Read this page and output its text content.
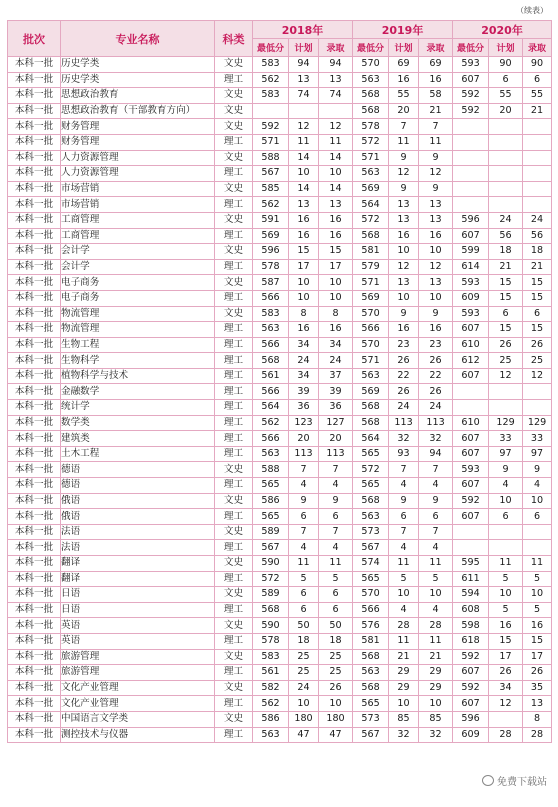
（续表）
批次	专业名称	科类	2018年			2019年			2020年		
			最低分	计划	录取	最低分	计划	录取	最低分	计划	录取
本科一批	历史学类	文史	583	94	94	570	69	69	593	90	90
本科一批	历史学类	理工	562	13	13	563	16	16	607	6	6
本科一批	思想政治教育	文史	583	74	74	568	55	58	592	55	55
本科一批	思想政治教育（干部教育方向）	文史				568	20	21	592	20	21
本科一批	财务管理	文史	592	12	12	578	7	7			
本科一批	财务管理	理工	571	11	11	572	11	11			
本科一批	人力资源管理	文史	588	14	14	571	9	9			
本科一批	人力资源管理	理工	567	10	10	563	12	12			
本科一批	市场营销	文史	585	14	14	569	9	9			
本科一批	市场营销	理工	562	13	13	564	13	13			
本科一批	工商管理	文史	591	16	16	572	13	13	596	24	24
本科一批	工商管理	理工	569	16	16	568	16	16	607	56	56
本科一批	会计学	文史	596	15	15	581	10	10	599	18	18
本科一批	会计学	理工	578	17	17	579	12	12	614	21	21
本科一批	电子商务	文史	587	10	10	571	13	13	593	15	15
本科一批	电子商务	理工	566	10	10	569	10	10	609	15	15
本科一批	物流管理	文史	583	8	8	570	9	9	593	6	6
本科一批	物流管理	理工	563	16	16	566	16	16	607	15	15
本科一批	生物工程	理工	566	34	34	570	23	23	610	26	26
本科一批	生物科学	理工	568	24	24	571	26	26	612	25	25
本科一批	植物科学与技术	理工	561	34	37	563	22	22	607	12	12
本科一批	金融数学	理工	566	39	39	569	26	26			
本科一批	统计学	理工	564	36	36	568	24	24			
本科一批	数学类	理工	562	123	127	568	113	113	610	129	129
本科一批	建筑类	理工	566	20	20	564	32	32	607	33	33
本科一批	土木工程	理工	563	113	113	565	93	94	607	97	97
本科一批	德语	文史	588	7	7	572	7	7	593	9	9
本科一批	德语	理工	565	4	4	565	4	4	607	4	4
本科一批	俄语	文史	586	9	9	568	9	9	592	10	10
本科一批	俄语	理工	565	6	6	563	6	6	607	6	6
本科一批	法语	文史	589	7	7	573	7	7			
本科一批	法语	理工	567	4	4	567	4	4			
本科一批	翻译	文史	590	11	11	574	11	11	595	11	11
本科一批	翻译	理工	572	5	5	565	5	5	611	5	5
本科一批	日语	文史	589	6	6	570	10	10	594	10	10
本科一批	日语	理工	568	6	6	566	4	4	608	5	5
本科一批	英语	文史	590	50	50	576	28	28	598	16	16
本科一批	英语	理工	578	18	18	581	11	11	618	15	15
本科一批	旅游管理	文史	583	25	25	568	21	21	592	17	17
本科一批	旅游管理	理工	561	25	25	563	29	29	607	26	26
本科一批	文化产业管理	文史	582	24	26	568	29	29	592	34	35
本科一批	文化产业管理	理工	562	10	10	565	10	10	607	12	13
本科一批	中国语言文学类	文史	586	180	180	573	85	85	596		8
本科一批	测控技术与仪器	理工	563	47	47	567	32	32	609	28	28
免费下载站
